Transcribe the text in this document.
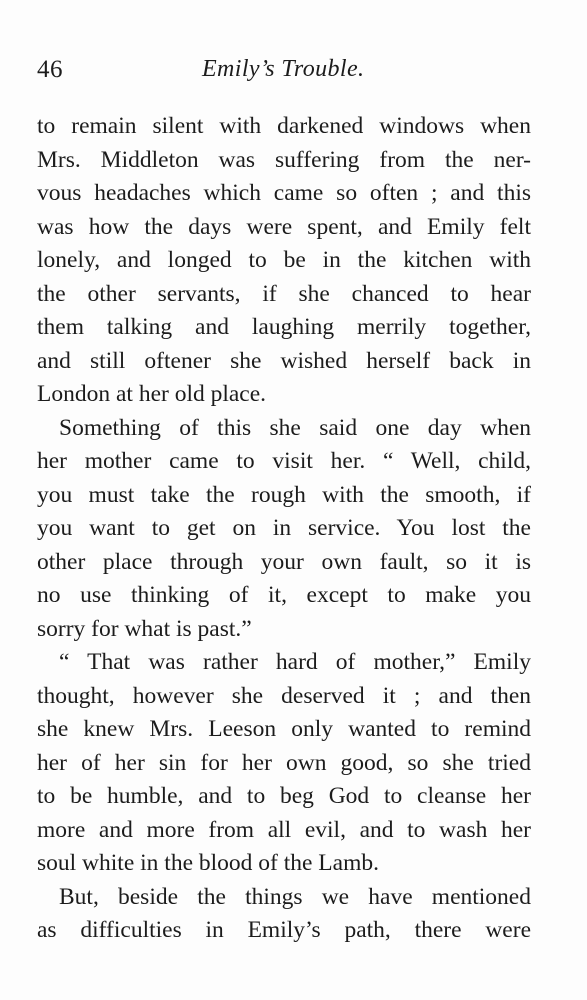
46	Emily’s Trouble.
to remain silent with darkened windows when
Mrs. Middleton was suffering from the ner-
vous headaches which came so often ; and this
was how the days were spent, and Emily felt
lonely, and longed to be in the kitchen with
the other servants, if she chanced to hear
them talking and laughing merrily together,
and still oftener she wished herself back in
London at her old place.
Something of this she said one day when
her mother came to visit her. “ Well, child,
you must take the rough with the smooth, if
you want to get on in service. You lost the
other place through your own fault, so it is
no use thinking of it, except to make you
sorry for what is past.”
“ That was rather hard of mother,” Emily
thought, however she deserved it ; and then
she knew Mrs. Leeson only wanted to remind
her of her sin for her own good, so she tried
to be humble, and to beg God to cleanse her
more and more from all evil, and to wash her
soul white in the blood of the Lamb.
But, beside the things we have mentioned
as difficulties in Emily’s path, there were
